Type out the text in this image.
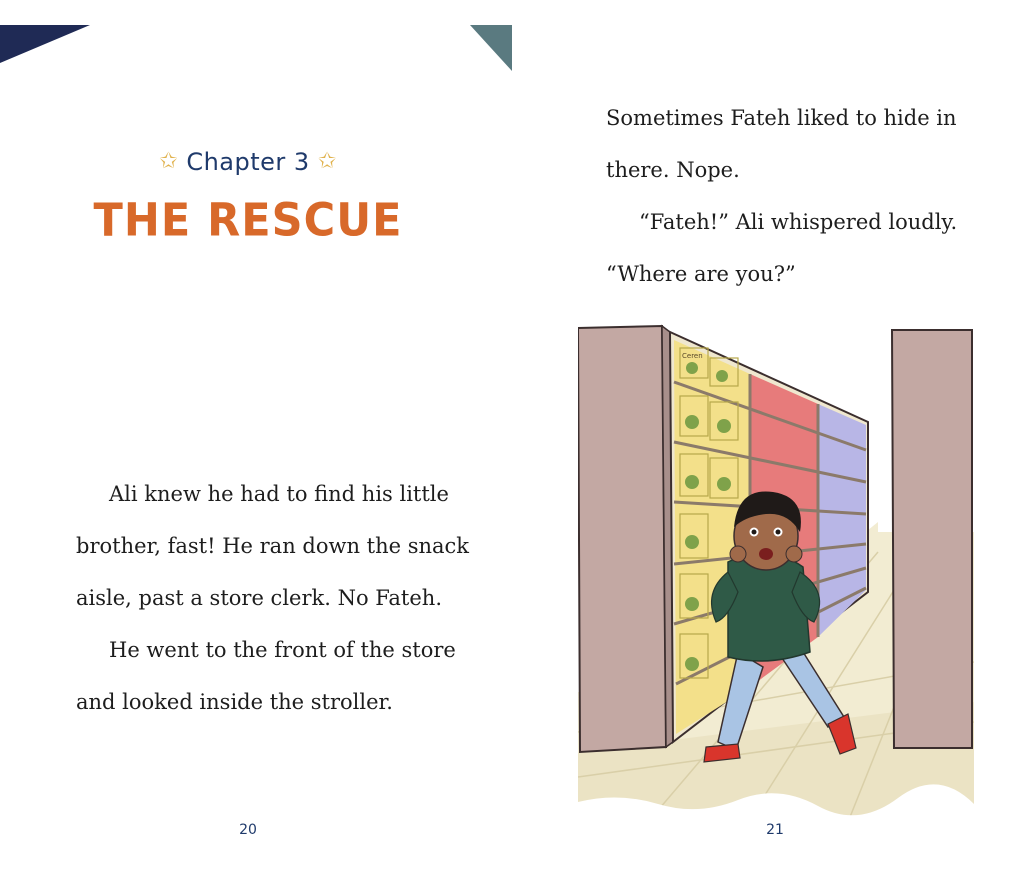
✩ Chapter 3 ✩
THE RESCUE

Ali knew he had to find his little brother, fast! He ran down the snack aisle, past a store clerk. No Fateh.

He went to the front of the store and looked inside the stroller.

20

Sometimes Fateh liked to hide in there. Nope.

“Fateh!” Ali whispered loudly. “Where are you?”

Ceren
21
